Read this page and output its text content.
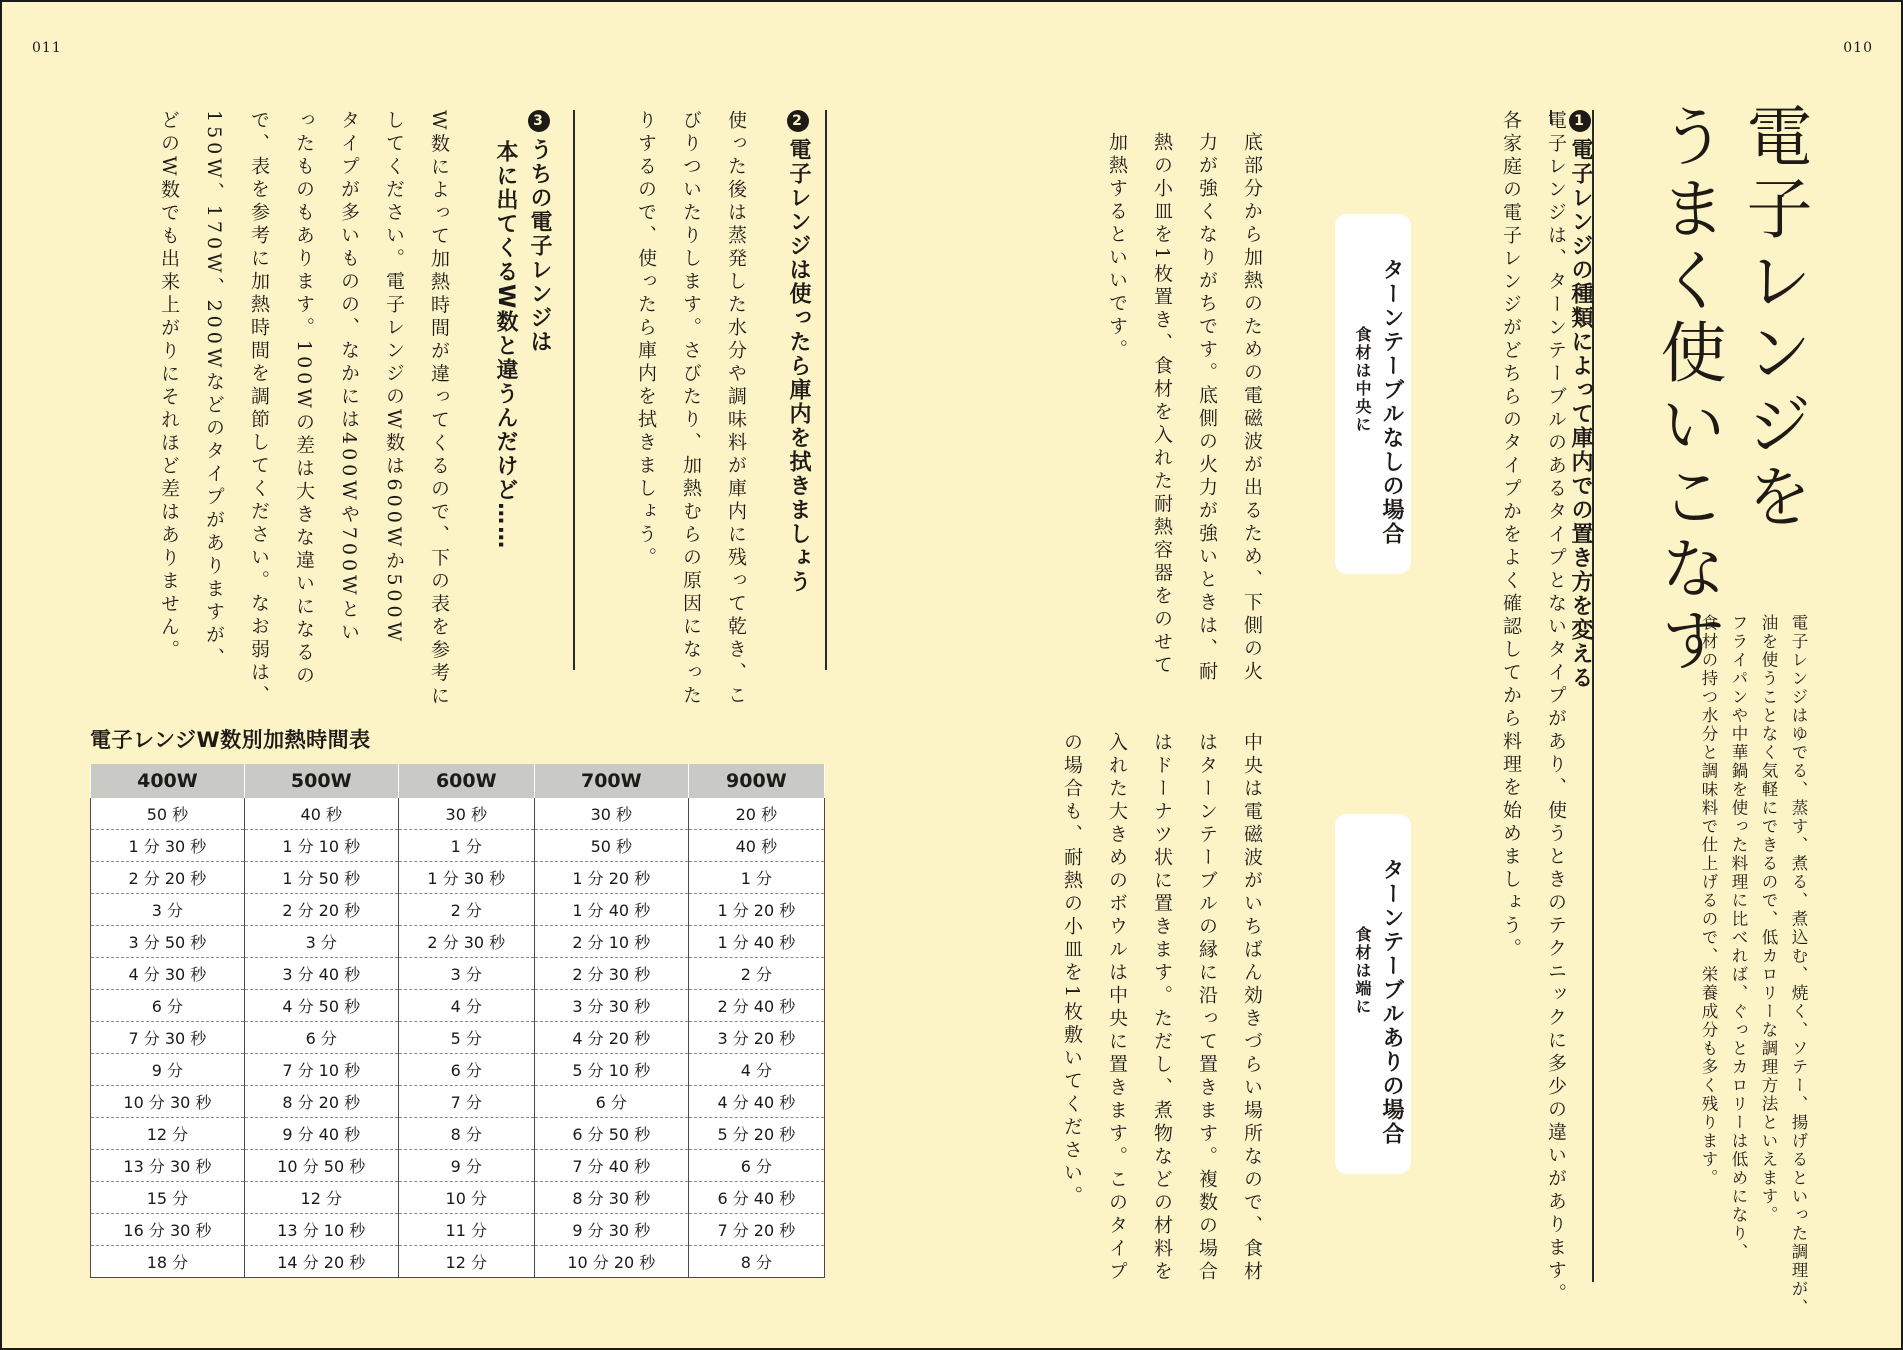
011	010
電子レンジを
うまく使いこなす
電子レンジはゆでる、蒸す、煮る、煮込む、焼く、ソテー、揚げるといった調理が、
油を使うことなく気軽にできるので、低カロリーな調理方法といえます。
フライパンや中華鍋を使った料理に比べれば、ぐっとカロリーは低めになり、
食材の持つ水分と調味料で仕上げるので、栄養成分も多く残ります。
1電子レンジの種類によって庫内での置き方を変える
電子レンジは、ターンテーブルのあるタイプとないタイプがあり、使うときのテクニックに多少の違いがあります。
各家庭の電子レンジがどちらのタイプかをよく確認してから料理を始めましょう。
ターンテーブルなしの場合
食材は中央に
底部分から加熱のための電磁波が出るため、下側の火
力が強くなりがちです。底側の火力が強いときは、耐
熱の小皿を1枚置き、食材を入れた耐熱容器をのせて
加熱するといいです。
ターンテーブルありの場合
食材は端に
中央は電磁波がいちばん効きづらい場所なので、食材
はターンテーブルの縁に沿って置きます。複数の場合
はドーナツ状に置きます。ただし、煮物などの材料を
入れた大きめのボウルは中央に置きます。このタイプ
の場合も、耐熱の小皿を1枚敷いてください。
2電子レンジは使ったら庫内を拭きましょう
使った後は蒸発した水分や調味料が庫内に残って乾き、こ
びりついたりします。さびたり、加熱むらの原因になった
りするので、使ったら庫内を拭きましょう。
3うちの電子レンジは
本に出てくるW数と違うんだけど……
W数によって加熱時間が違ってくるので、下の表を参考に
してください。電子レンジのW数は600Wか500W
タイプが多いものの、なかには400Wや700Wとい
ったものもあります。100Wの差は大きな違いになるの
で、表を参考に加熱時間を調節してください。なお弱は、
150W、170W、200Wなどのタイプがありますが、
どのW数でも出来上がりにそれほど差はありません。
電子レンジW数別加熱時間表
400W	500W	600W	700W	900W
50 秒	40 秒	30 秒	30 秒	20 秒
1 分 30 秒	1 分 10 秒	1 分	50 秒	40 秒
2 分 20 秒	1 分 50 秒	1 分 30 秒	1 分 20 秒	1 分
3 分	2 分 20 秒	2 分	1 分 40 秒	1 分 20 秒
3 分 50 秒	3 分	2 分 30 秒	2 分 10 秒	1 分 40 秒
4 分 30 秒	3 分 40 秒	3 分	2 分 30 秒	2 分
6 分	4 分 50 秒	4 分	3 分 30 秒	2 分 40 秒
7 分 30 秒	6 分	5 分	4 分 20 秒	3 分 20 秒
9 分	7 分 10 秒	6 分	5 分 10 秒	4 分
10 分 30 秒	8 分 20 秒	7 分	6 分	4 分 40 秒
12 分	9 分 40 秒	8 分	6 分 50 秒	5 分 20 秒
13 分 30 秒	10 分 50 秒	9 分	7 分 40 秒	6 分
15 分	12 分	10 分	8 分 30 秒	6 分 40 秒
16 分 30 秒	13 分 10 秒	11 分	9 分 30 秒	7 分 20 秒
18 分	14 分 20 秒	12 分	10 分 20 秒	8 分
